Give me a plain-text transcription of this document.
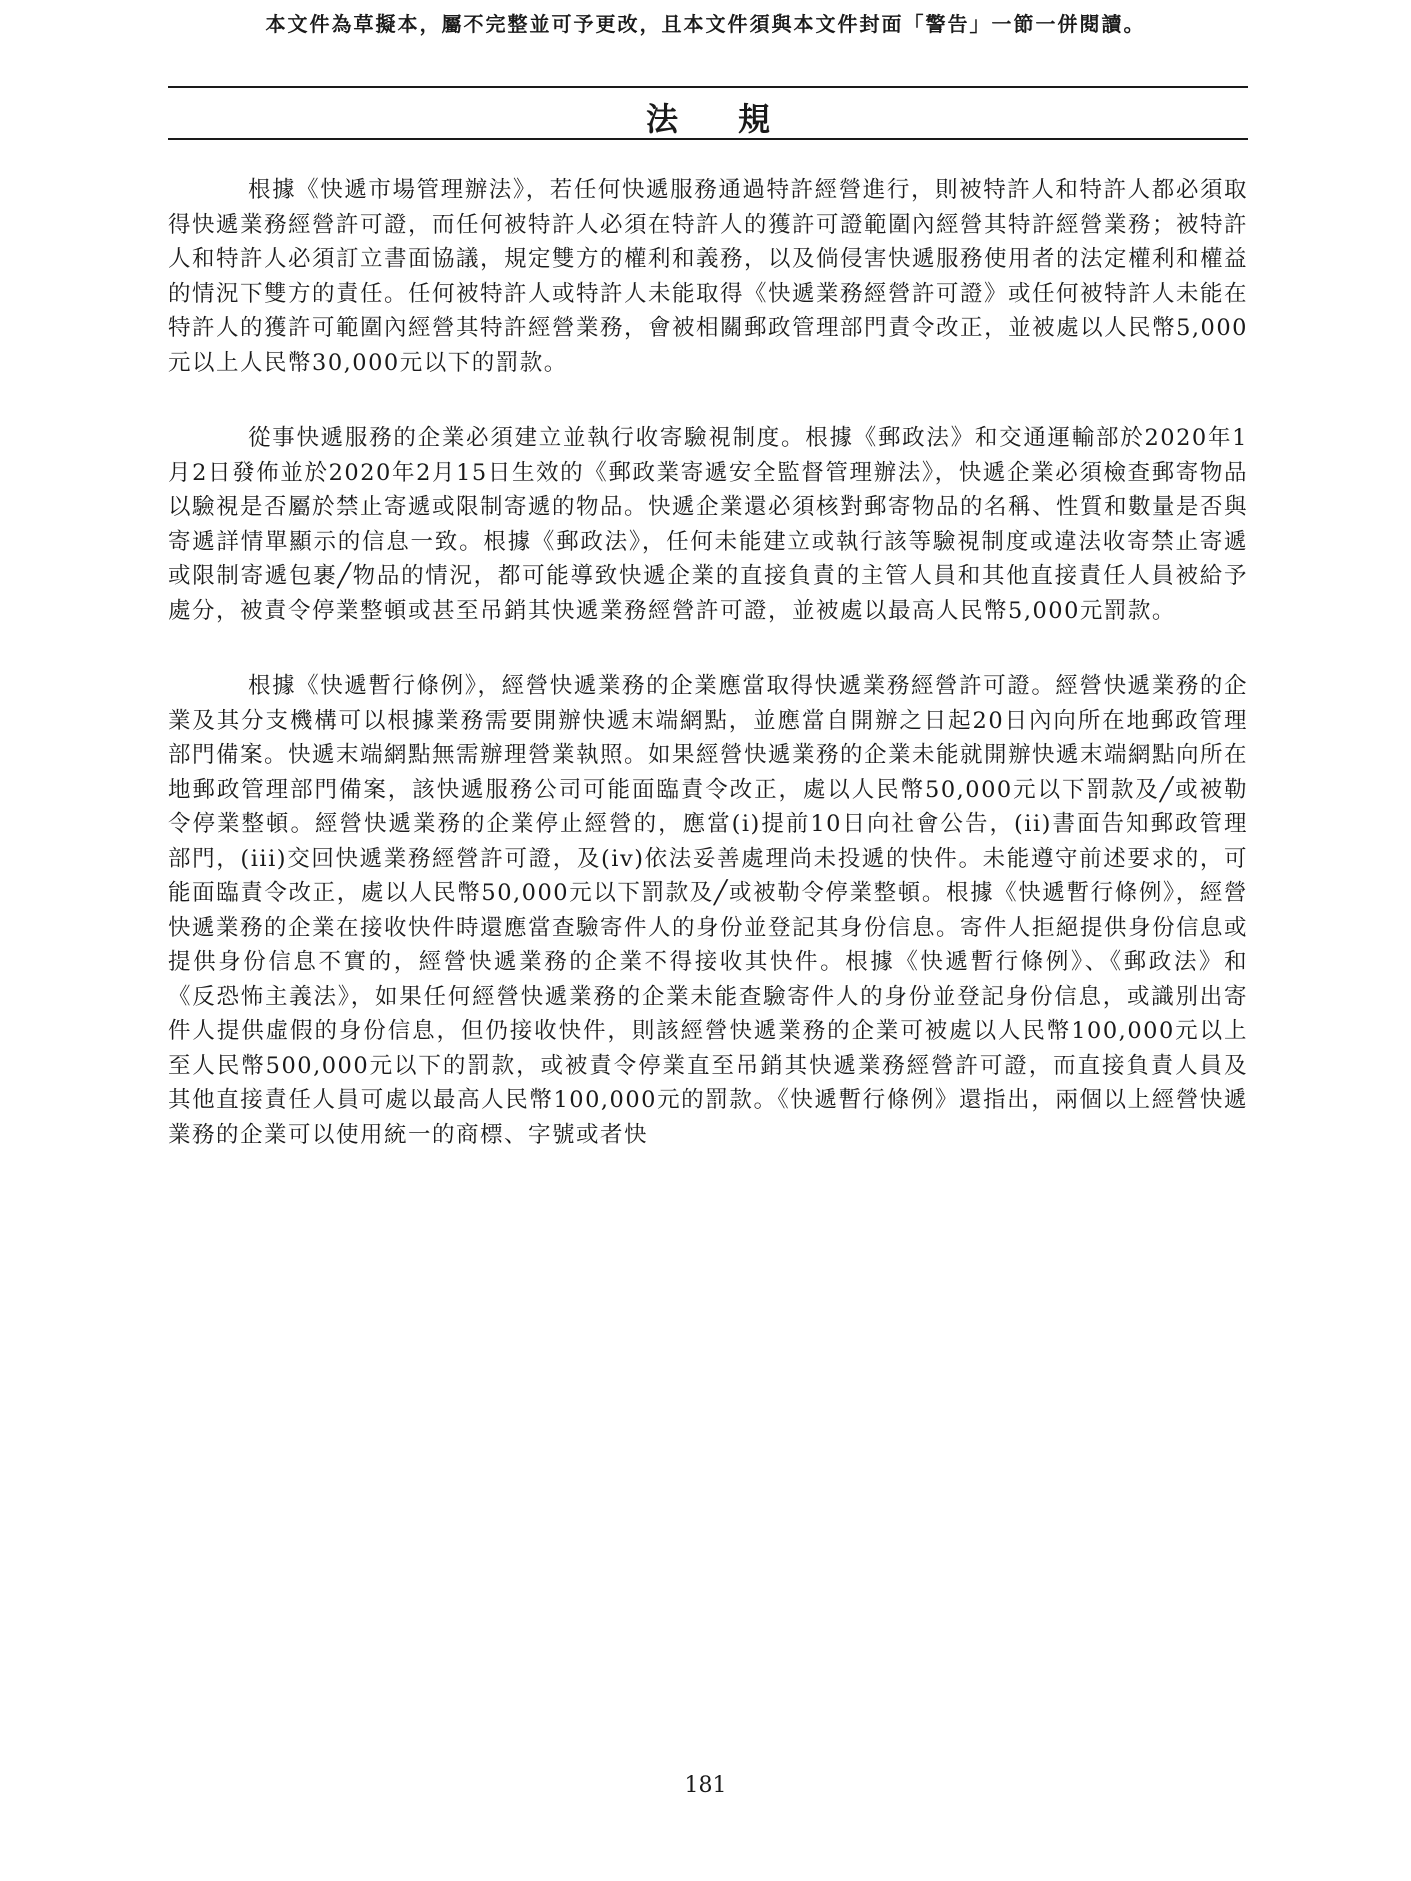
本文件為草擬本，屬不完整並可予更改，且本文件須與本文件封面「警告」一節一併閱讀。
法規

根據《快遞市場管理辦法》，若任何快遞服務通過特許經營進行，則被特許人和特許人都必須取得快遞業務經營許可證，而任何被特許人必須在特許人的獲許可證範圍內經營其特許經營業務；被特許人和特許人必須訂立書面協議，規定雙方的權利和義務，以及倘侵害快遞服務使用者的法定權利和權益的情況下雙方的責任。任何被特許人或特許人未能取得《快遞業務經營許可證》或任何被特許人未能在特許人的獲許可範圍內經營其特許經營業務，會被相關郵政管理部門責令改正，並被處以人民幣5,000元以上人民幣30,000元以下的罰款。

從事快遞服務的企業必須建立並執行收寄驗視制度。根據《郵政法》和交通運輸部於2020年1月2日發佈並於2020年2月15日生效的《郵政業寄遞安全監督管理辦法》，快遞企業必須檢查郵寄物品以驗視是否屬於禁止寄遞或限制寄遞的物品。快遞企業還必須核對郵寄物品的名稱、性質和數量是否與寄遞詳情單顯示的信息一致。根據《郵政法》，任何未能建立或執行該等驗視制度或違法收寄禁止寄遞或限制寄遞包裹╱物品的情況，都可能導致快遞企業的直接負責的主管人員和其他直接責任人員被給予處分，被責令停業整頓或甚至吊銷其快遞業務經營許可證，並被處以最高人民幣5,000元罰款。

根據《快遞暫行條例》，經營快遞業務的企業應當取得快遞業務經營許可證。經營快遞業務的企業及其分支機構可以根據業務需要開辦快遞末端網點，並應當自開辦之日起20日內向所在地郵政管理部門備案。快遞末端網點無需辦理營業執照。如果經營快遞業務的企業未能就開辦快遞末端網點向所在地郵政管理部門備案，該快遞服務公司可能面臨責令改正，處以人民幣50,000元以下罰款及╱或被勒令停業整頓。經營快遞業務的企業停止經營的，應當(i)提前10日向社會公告，(ii)書面告知郵政管理部門，(iii)交回快遞業務經營許可證，及(iv)依法妥善處理尚未投遞的快件。未能遵守前述要求的，可能面臨責令改正，處以人民幣50,000元以下罰款及╱或被勒令停業整頓。根據《快遞暫行條例》，經營快遞業務的企業在接收快件時還應當查驗寄件人的身份並登記其身份信息。寄件人拒絕提供身份信息或提供身份信息不實的，經營快遞業務的企業不得接收其快件。根據《快遞暫行條例》、《郵政法》和《反恐怖主義法》，如果任何經營快遞業務的企業未能查驗寄件人的身份並登記身份信息，或識別出寄件人提供虛假的身份信息，但仍接收快件，則該經營快遞業務的企業可被處以人民幣100,000元以上至人民幣500,000元以下的罰款，或被責令停業直至吊銷其快遞業務經營許可證，而直接負責人員及其他直接責任人員可處以最高人民幣100,000元的罰款。《快遞暫行條例》還指出，兩個以上經營快遞業務的企業可以使用統一的商標、字號或者快

181
